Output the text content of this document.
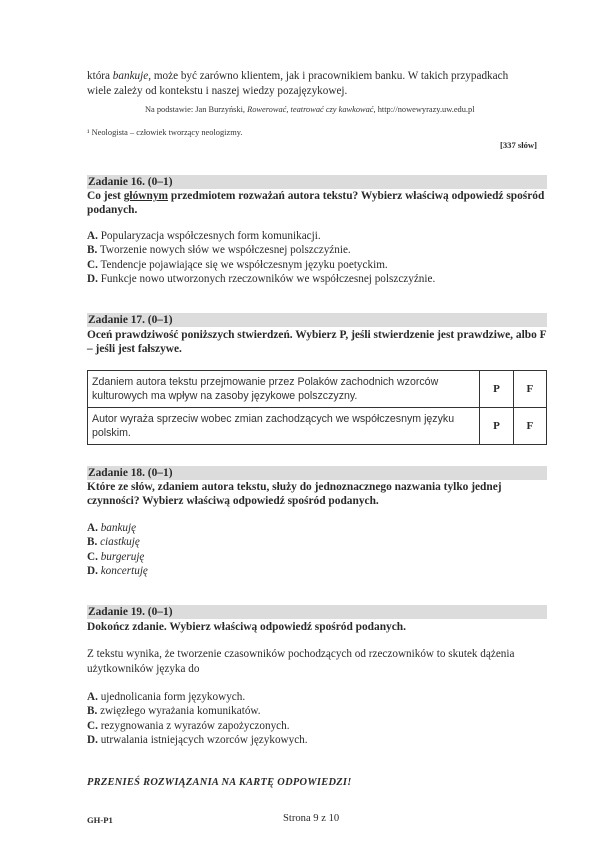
która bankuje, może być zarówno klientem, jak i pracownikiem banku. W takich przypadkach
wiele zależy od kontekstu i naszej wiedzy pozajęzykowej.
Na podstawie: Jan Burzyński, Rowerować, teatrować czy kawkować, http://nowewyrazy.uw.edu.pl
¹ Neologista – człowiek tworzący neologizmy.
[337 słów]
Zadanie 16. (0–1)
Co jest głównym przedmiotem rozważań autora tekstu? Wybierz właściwą odpowiedź spośród podanych.
A. Popularyzacja współczesnych form komunikacji.
B. Tworzenie nowych słów we współczesnej polszczyźnie.
C. Tendencje pojawiające się we współczesnym języku poetyckim.
D. Funkcje nowo utworzonych rzeczowników we współczesnej polszczyźnie.
Zadanie 17. (0–1)
Oceń prawdziwość poniższych stwierdzeń. Wybierz P, jeśli stwierdzenie jest prawdziwe, albo F – jeśli jest fałszywe.
Zdaniem autora tekstu przejmowanie przez Polaków zachodnich wzorców kulturowych ma wpływ na zasoby językowe polszczyzny.	P	F
Autor wyraża sprzeciw wobec zmian zachodzących we współczesnym języku polskim.	P	F
Zadanie 18. (0–1)
Które ze słów, zdaniem autora tekstu, służy do jednoznacznego nazwania tylko jednej czynności? Wybierz właściwą odpowiedź spośród podanych.
A. bankuję
B. ciastkuję
C. burgeruję
D. koncertuję
Zadanie 19. (0–1)
Dokończ zdanie. Wybierz właściwą odpowiedź spośród podanych.
Z tekstu wynika, że tworzenie czasowników pochodzących od rzeczowników to skutek dążenia użytkowników języka do
A. ujednolicania form językowych.
B. zwięzłego wyrażania komunikatów.
C. rezygnowania z wyrazów zapożyczonych.
D. utrwalania istniejących wzorców językowych.
PRZENIEŚ ROZWIĄZANIA NA KARTĘ ODPOWIEDZI!
GH-P1	Strona 9 z 10
